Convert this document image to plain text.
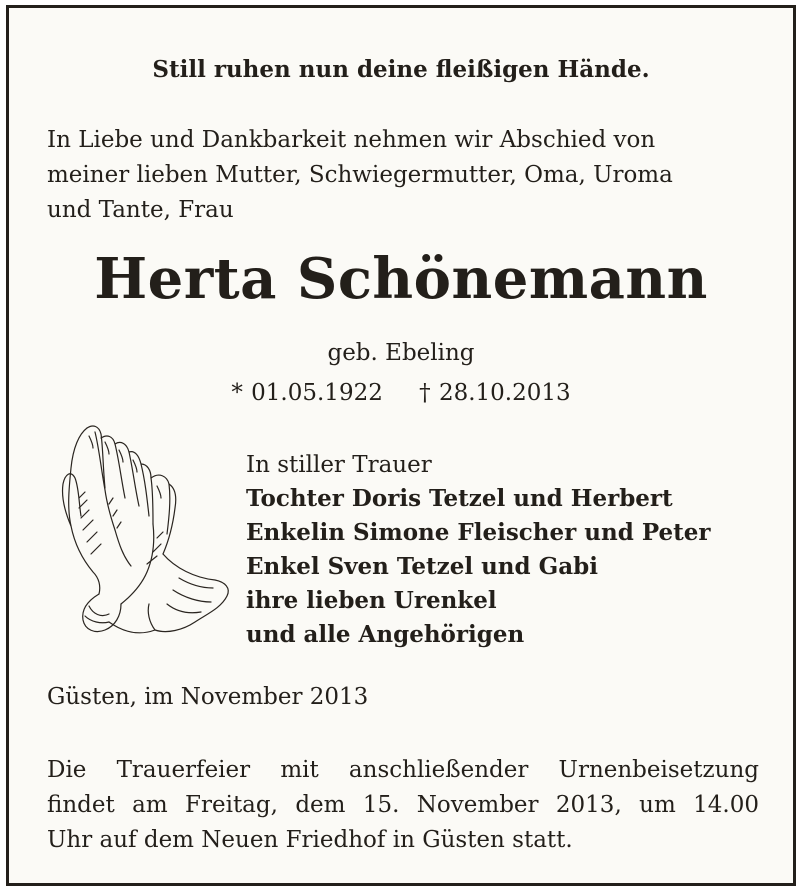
Still ruhen nun deine fleißigen Hände.

In Liebe und Dankbarkeit nehmen wir Abschied von
meiner lieben Mutter, Schwiegermutter, Oma, Uroma
und Tante, Frau

Herta Schönemann

geb. Ebeling

* 01.05.1922 † 28.10.2013

In stiller Trauer
Tochter Doris Tetzel und Herbert
Enkelin Simone Fleischer und Peter
Enkel Sven Tetzel und Gabi
ihre lieben Urenkel
und alle Angehörigen

Güsten, im November 2013

Die Trauerfeier mit anschließender Urnenbeisetzung
findet am Freitag, dem 15. November 2013, um 14.00
Uhr auf dem Neuen Friedhof in Güsten statt.
